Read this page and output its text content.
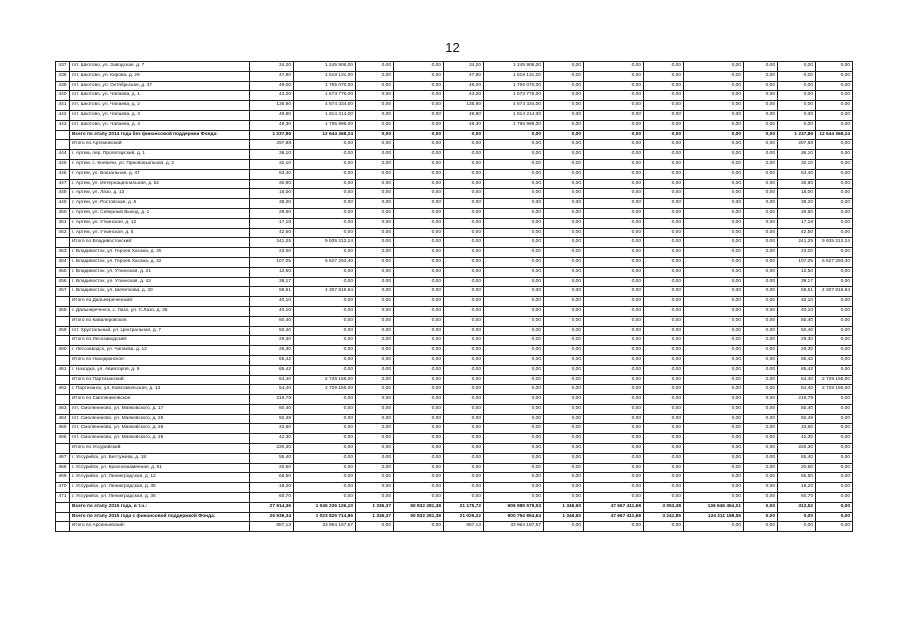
12
437	пгт. Шкотово, ул. Заводская, д. 7	34,20	1 245 906,00	0,00	0,00	34,20	1 245 906,00	0,00	0,00	0,00	0,00	0,00	0,00	0,00
438	пгт. Шкотово, ул. Кирова, д. 29	47,80	1 519 131,00	0,00	0,00	47,80	1 519 131,00	0,00	0,00	0,00	0,00	0,00	0,00	0,00
439	пгт. Шкотово, ул. Октябрьская, д. 37	49,00	1 765 070,00	0,00	0,00	49,00	1 765 070,00	0,00	0,00	0,00	0,00	0,00	0,00	0,00
440	пгт. Шкотово, ул. Чапаева, д. 1	43,20	1 573 776,00	0,00	0,00	43,20	1 573 776,00	0,00	0,00	0,00	0,00	0,00	0,00	0,00
441	пгт. Шкотово, ул. Чапаева, д. 2	135,90	4 874 334,00	0,00	0,00	135,90	4 874 334,00	0,00	0,00	0,00	0,00	0,00	0,00	0,00
442	пгт. Шкотово, ул. Чапаева, д. 3	49,80	1 814 214,00	0,00	0,00	49,80	1 814 214,00	0,00	0,00	0,00	0,00	0,00	0,00	0,00
443	пгт. Шкотово, ул. Чапаева, д. 4	49,30	1 795 999,00	0,00	0,00	49,30	1 795 999,00	0,00	0,00	0,00	0,00	0,00	0,00	0,00
	Всего по этапу 2014 года без финансовой поддержки Фонда:	1 237,86	12 644 368,24	0,00	0,00	0,00	0,00	0,00	0,00	0,00	0,00	0,00	1 237,86	12 644 368,24
	Итого по Артемовский:	297,88	0,00	0,00	0,00	0,00	0,00	0,00	0,00	0,00	0,00	0,00	297,88	0,00
444	г. Артем, пер. Пролетарский, д. 1	36,10	0,00	0,00	0,00	0,00	0,00	0,00	0,00	0,00	0,00	0,00	36,10	0,00
445	г. Артем, с. Кневичи, ул. Приовокзальная, д. 2	32,10	0,00	0,00	0,00	0,00	0,00	0,00	0,00	0,00	0,00	0,00	32,10	0,00
446	г. Артем, ул. Вокзальная, д. 47	53,40	0,00	0,00	0,00	0,00	0,00	0,00	0,00	0,00	0,00	0,00	53,40	0,00
447	г. Артем, ул. Интернациональная, д. 52	30,80	0,00	0,00	0,00	0,00	0,00	0,00	0,00	0,00	0,00	0,00	30,80	0,00
448	г. Артем, ул. Лазо, д. 13	18,00	0,00	0,00	0,00	0,00	0,00	0,00	0,00	0,00	0,00	0,00	18,00	0,00
449	г. Артем, ул. Ростовская, д. 8	38,20	0,00	0,00	0,00	0,00	0,00	0,00	0,00	0,00	0,00	0,00	38,20	0,00
450	г. Артем, ул. Северный Выход, д. 1	29,60	0,00	0,00	0,00	0,00	0,00	0,00	0,00	0,00	0,00	0,00	29,60	0,00
451	г. Артем, ул. Уткинская, д. 12	17,18	0,00	0,00	0,00	0,00	0,00	0,00	0,00	0,00	0,00	0,00	17,18	0,00
452	г. Артем, ул. Уткинская, д. 5	42,50	0,00	0,00	0,00	0,00	0,00	0,00	0,00	0,00	0,00	0,00	42,50	0,00
	Итого по Владивостокский:	241,25	9 935 213,24	0,00	0,00	0,00	0,00	0,00	0,00	0,00	0,00	0,00	241,25	9 935 213,24
453	г. Владивосток, ул. Героев Хасана, д. 30	23,00	0,00	0,00	0,00	0,00	0,00	0,00	0,00	0,00	0,00	0,00	23,00	0,00
454	г. Владивосток, ул. Героев Хасана, д. 32	107,05	5 627 293,40	0,00	0,00	0,00	0,00	0,00	0,00	0,00	0,00	0,00	107,05	5 627 293,40
455	г. Владивосток, ул. Уткинская, д. 21	12,50	0,00	0,00	0,00	0,00	0,00	0,00	0,00	0,00	0,00	0,00	12,50	0,00
456	г. Владивосток, ул. Уткинская, д. 42	39,17	0,00	0,00	0,00	0,00	0,00	0,00	0,00	0,00	0,00	0,00	39,17	0,00
457	г. Владивосток, ул. Шепеткова, д. 30	59,51	4 307 919,84	0,00	0,00	0,00	0,00	0,00	0,00	0,00	0,00	0,00	59,51	4 307 919,84
	Итого по Дальнереченский:	40,10	0,00	0,00	0,00	0,00	0,00	0,00	0,00	0,00	0,00	0,00	40,10	0,00
458	г. Дальнереченск, с. Лазо, ул. С.Лазо, д. 36	40,10	0,00	0,00	0,00	0,00	0,00	0,00	0,00	0,00	0,00	0,00	40,10	0,00
	Итого по Кавалеровское:	50,40	0,00	0,00	0,00	0,00	0,00	0,00	0,00	0,00	0,00	0,00	50,40	0,00
459	пгт. Хрустальный, ул. Центральная, д. 7	50,40	0,00	0,00	0,00	0,00	0,00	0,00	0,00	0,00	0,00	0,00	50,40	0,00
	Итого по Лесозаводский:	29,30	0,00	0,00	0,00	0,00	0,00	0,00	0,00	0,00	0,00	0,00	29,30	0,00
460	г. Лесозаводск, ул. Чапаева, д. 12	29,30	0,00	0,00	0,00	0,00	0,00	0,00	0,00	0,00	0,00	0,00	29,30	0,00
	Итого по Находкинское:	65,42	0,00	0,00	0,00	0,00	0,00	0,00	0,00	0,00	0,00	0,00	65,42	0,00
461	г. Находка, ул. Авиаторов, д. 9	65,42	0,00	0,00	0,00	0,00	0,00	0,00	0,00	0,00	0,00	0,00	65,42	0,00
	Итого по Партизанский:	54,40	2 729 155,00	0,00	0,00	0,00	0,00	0,00	0,00	0,00	0,00	0,00	54,40	2 729 155,00
462	г. Партизанск, ул. Комсомольская, д. 13	54,40	2 729 155,00	0,00	0,00	0,00	0,00	0,00	0,00	0,00	0,00	0,00	54,40	2 729 155,00
	Итого по Смоляниновское:	219,79	0,00	0,00	0,00	0,00	0,00	0,00	0,00	0,00	0,00	0,00	219,79	0,00
463	пгт. Смоляниново, ул. Маяковского, д. 17	50,40	0,00	0,00	0,00	0,00	0,00	0,00	0,00	0,00	0,00	0,00	50,40	0,00
464	пгт. Смоляниново, ул. Маяковского, д. 25	92,48	0,00	0,00	0,00	0,00	0,00	0,00	0,00	0,00	0,00	0,00	92,48	0,00
465	пгт. Смоляниново, ул. Маяковского, д. 28	33,60	0,00	0,00	0,00	0,00	0,00	0,00	0,00	0,00	0,00	0,00	33,60	0,00
466	пгт. Смоляниново, ул. Маяковского, д. 29	42,30	0,00	0,00	0,00	0,00	0,00	0,00	0,00	0,00	0,00	0,00	42,30	0,00
	Итого по Уссурийский:	220,30	0,00	0,00	0,00	0,00	0,00	0,00	0,00	0,00	0,00	0,00	220,30	0,00
467	г. Уссурийск, ул. Бестужева, д. 18	55,40	0,00	0,00	0,00	0,00	0,00	0,00	0,00	0,00	0,00	0,00	55,40	0,00
468	г. Уссурийск, ул. Краснознаменная, д. 61	20,50	0,00	0,00	0,00	0,00	0,00	0,00	0,00	0,00	0,00	0,00	20,50	0,00
469	г. Уссурийск, ул. Ленинградская, д. 12	65,50	0,00	0,00	0,00	0,00	0,00	0,00	0,00	0,00	0,00	0,00	65,50	0,00
470	г. Уссурийск, ул. Ленинградская, д. 35	18,20	0,00	0,00	0,00	0,00	0,00	0,00	0,00	0,00	0,00	0,00	18,20	0,00
471	г. Уссурийск, ул. Ленинградская, д. 36	60,70	0,00	0,00	0,00	0,00	0,00	0,00	0,00	0,00	0,00	0,00	60,70	0,00
	Всего по этапу 2015 года, в т.ч.:	27 914,36	1 046 236 126,10	1 336,37	50 832 281,38	21 175,72	906 989 579,53	1 346,60	47 667 411,68	3 053,38	136 646 454,01	0,00	313,52	0,00
	Всего по этапу 2015 года с финансовой поддержкой Фонда:	26 939,34	1 023 825 714,86	1 336,37	50 832 281,38	21 025,22	900 794 854,64	1 346,60	47 667 411,68	3 241,85	124 211 198,56	0,00	0,00	0,00
	Итого по Арсеньевский:	887,13	33 964 187,57	0,00	0,00	887,13	33 964 187,57	0,00	0,00	0,00	0,00	0,00	0,00	0,00
